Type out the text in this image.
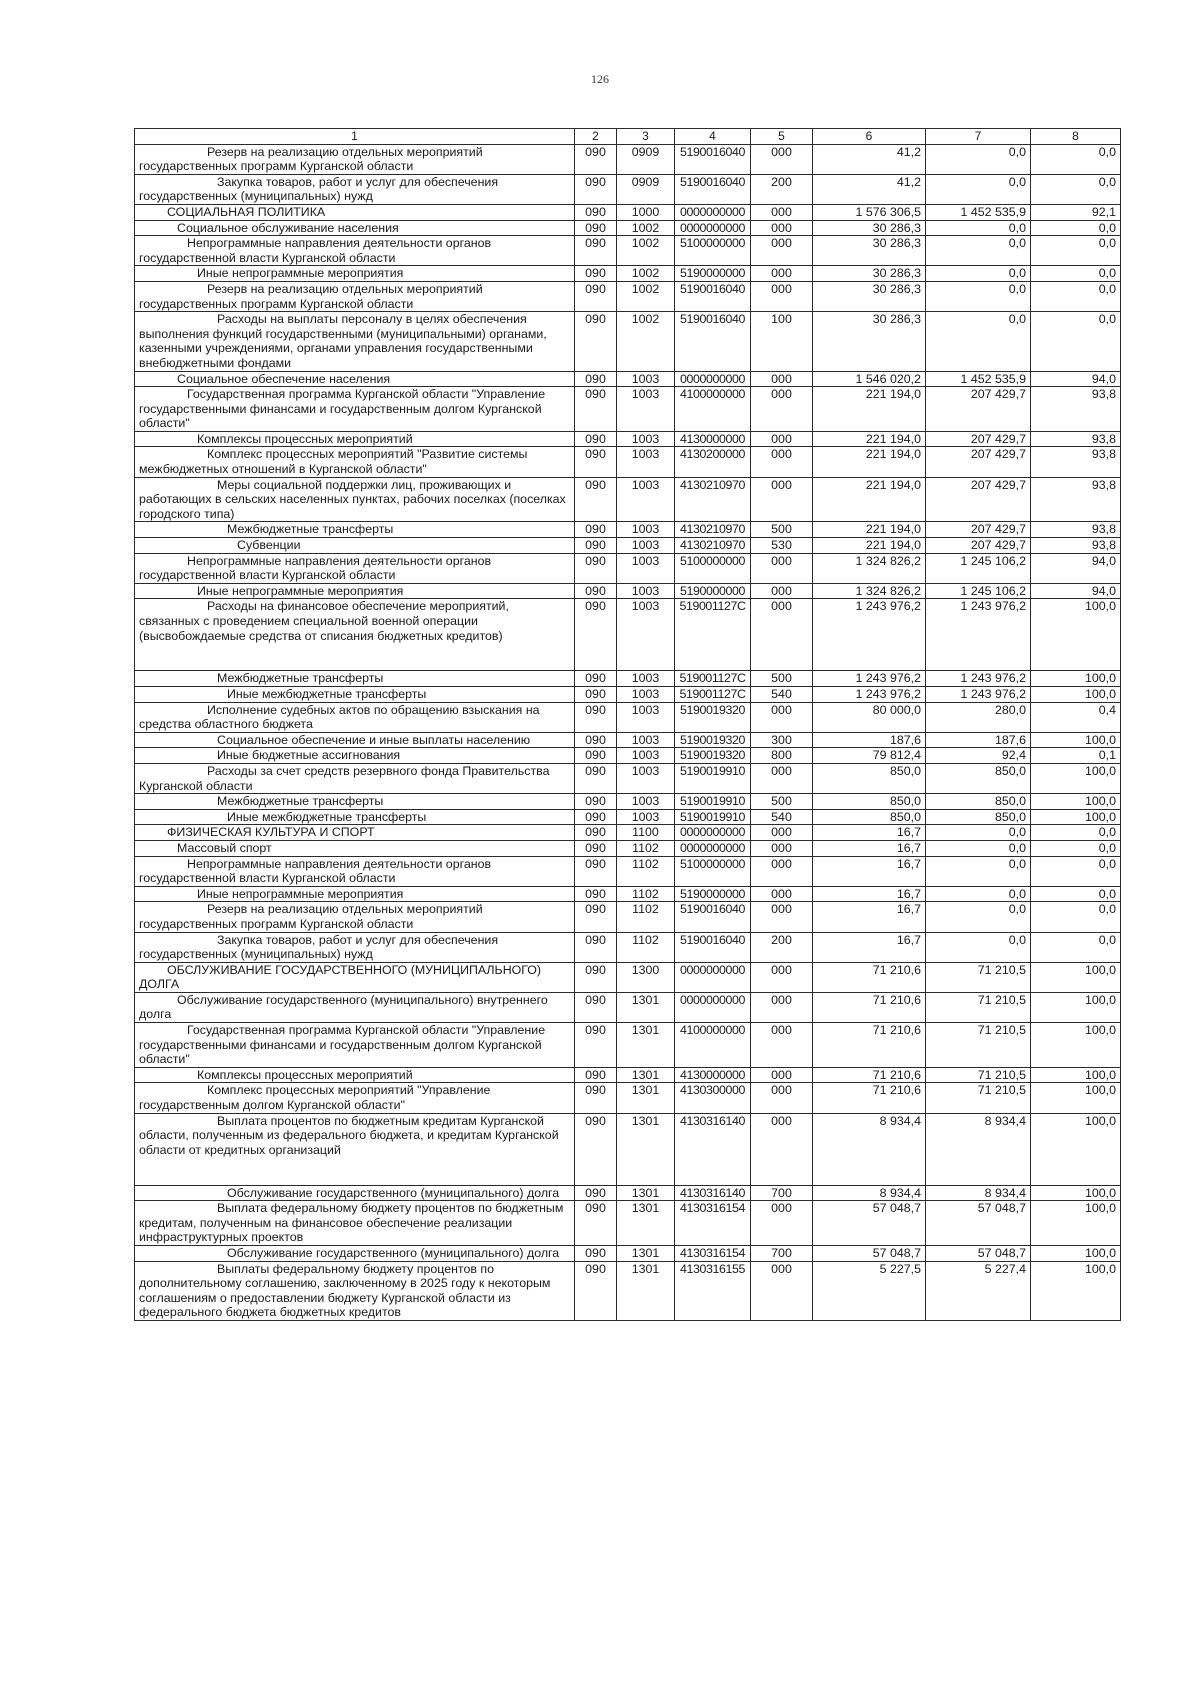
126
1	2	3	4	5	6	7	8
Резерв на реализацию отдельных мероприятий государственных программ Курганской области	090	0909	5190016040	000	41,2	0,0	0,0
Закупка товаров, работ и услуг для обеспечения государственных (муниципальных) нужд	090	0909	5190016040	200	41,2	0,0	0,0
СОЦИАЛЬНАЯ ПОЛИТИКА	090	1000	0000000000	000	1 576 306,5	1 452 535,9	92,1
Социальное обслуживание населения	090	1002	0000000000	000	30 286,3	0,0	0,0
Непрограммные направления деятельности органов государственной власти Курганской области	090	1002	5100000000	000	30 286,3	0,0	0,0
Иные непрограммные мероприятия	090	1002	5190000000	000	30 286,3	0,0	0,0
Резерв на реализацию отдельных мероприятий государственных программ Курганской области	090	1002	5190016040	000	30 286,3	0,0	0,0
Расходы на выплаты персоналу в целях обеспечения выполнения функций государственными (муниципальными) органами, казенными учреждениями, органами управления государственными внебюджетными фондами	090	1002	5190016040	100	30 286,3	0,0	0,0
Социальное обеспечение населения	090	1003	0000000000	000	1 546 020,2	1 452 535,9	94,0
Государственная программа Курганской области "Управление государственными финансами и государственным долгом Курганской области"	090	1003	4100000000	000	221 194,0	207 429,7	93,8
Комплексы процессных мероприятий	090	1003	4130000000	000	221 194,0	207 429,7	93,8
Комплекс процессных мероприятий "Развитие системы межбюджетных отношений в Курганской области"	090	1003	4130200000	000	221 194,0	207 429,7	93,8
Меры социальной поддержки лиц, проживающих и работающих в сельских населенных пунктах, рабочих поселках (поселках городского типа)	090	1003	4130210970	000	221 194,0	207 429,7	93,8
Межбюджетные трансферты	090	1003	4130210970	500	221 194,0	207 429,7	93,8
Субвенции	090	1003	4130210970	530	221 194,0	207 429,7	93,8
Непрограммные направления деятельности органов государственной власти Курганской области	090	1003	5100000000	000	1 324 826,2	1 245 106,2	94,0
Иные непрограммные мероприятия	090	1003	5190000000	000	1 324 826,2	1 245 106,2	94,0
Расходы на финансовое обеспечение мероприятий, связанных с проведением специальной военной операции (высвобождаемые средства от списания бюджетных кредитов)	090	1003	519001127C	000	1 243 976,2	1 243 976,2	100,0
Межбюджетные трансферты	090	1003	519001127C	500	1 243 976,2	1 243 976,2	100,0
Иные межбюджетные трансферты	090	1003	519001127C	540	1 243 976,2	1 243 976,2	100,0
Исполнение судебных актов по обращению взыскания на средства областного бюджета	090	1003	5190019320	000	80 000,0	280,0	0,4
Социальное обеспечение и иные выплаты населению	090	1003	5190019320	300	187,6	187,6	100,0
Иные бюджетные ассигнования	090	1003	5190019320	800	79 812,4	92,4	0,1
Расходы за счет средств резервного фонда Правительства Курганской области	090	1003	5190019910	000	850,0	850,0	100,0
Межбюджетные трансферты	090	1003	5190019910	500	850,0	850,0	100,0
Иные межбюджетные трансферты	090	1003	5190019910	540	850,0	850,0	100,0
ФИЗИЧЕСКАЯ КУЛЬТУРА И СПОРТ	090	1100	0000000000	000	16,7	0,0	0,0
Массовый спорт	090	1102	0000000000	000	16,7	0,0	0,0
Непрограммные направления деятельности органов государственной власти Курганской области	090	1102	5100000000	000	16,7	0,0	0,0
Иные непрограммные мероприятия	090	1102	5190000000	000	16,7	0,0	0,0
Резерв на реализацию отдельных мероприятий государственных программ Курганской области	090	1102	5190016040	000	16,7	0,0	0,0
Закупка товаров, работ и услуг для обеспечения государственных (муниципальных) нужд	090	1102	5190016040	200	16,7	0,0	0,0
ОБСЛУЖИВАНИЕ ГОСУДАРСТВЕННОГО (МУНИЦИПАЛЬНОГО) ДОЛГА	090	1300	0000000000	000	71 210,6	71 210,5	100,0
Обслуживание государственного (муниципального) внутреннего долга	090	1301	0000000000	000	71 210,6	71 210,5	100,0
Государственная программа Курганской области "Управление государственными финансами и государственным долгом Курганской области"	090	1301	4100000000	000	71 210,6	71 210,5	100,0
Комплексы процессных мероприятий	090	1301	4130000000	000	71 210,6	71 210,5	100,0
Комплекс процессных мероприятий "Управление государственным долгом Курганской области"	090	1301	4130300000	000	71 210,6	71 210,5	100,0
Выплата процентов по бюджетным кредитам Курганской области, полученным из федерального бюджета, и кредитам Курганской области от кредитных организаций	090	1301	4130316140	000	8 934,4	8 934,4	100,0
Обслуживание государственного (муниципального) долга	090	1301	4130316140	700	8 934,4	8 934,4	100,0
Выплата федеральному бюджету процентов по бюджетным кредитам, полученным на финансовое обеспечение реализации инфраструктурных проектов	090	1301	4130316154	000	57 048,7	57 048,7	100,0
Обслуживание государственного (муниципального) долга	090	1301	4130316154	700	57 048,7	57 048,7	100,0
Выплаты федеральному бюджету процентов по дополнительному соглашению, заключенному в 2025 году к некоторым соглашениям о предоставлении бюджету Курганской области из федерального бюджета бюджетных кредитов	090	1301	4130316155	000	5 227,5	5 227,4	100,0
